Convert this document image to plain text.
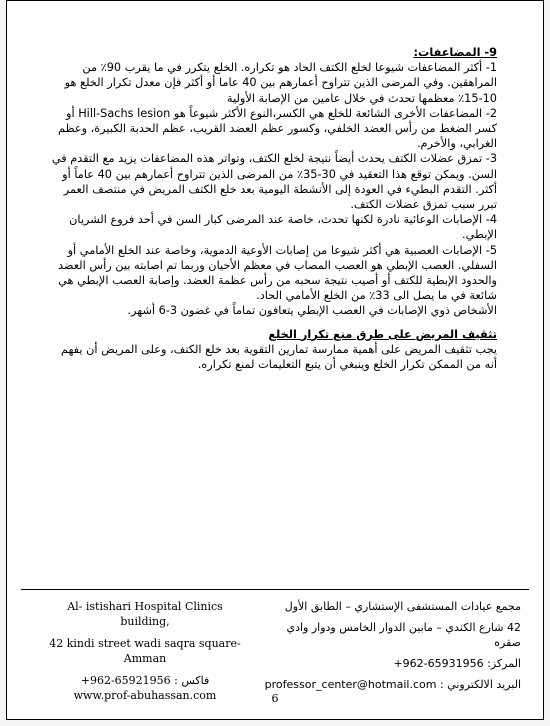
9- المضاعفات:

1- أكثر المضاعفات شيوعا لخلع الكتف الحاد هو تكراره. الخلع يتكرر في ما يقرب 90٪ من المراهقين. وفي المرضى الذين تتراوح أعمارهم بين 40 عاما أو أكثر فإن معدل تكرار الخلع هو 10-15٪ معظمها تحدث في خلال عامين من الإصابة الأولية

2- المضاعفات الأخرى الشائعة للخلع هي الكسر،النوع الأكثر شيوعاً هو Hill-Sachs lesion أو كسر الضغط من رأس العضد الخلفي، وكسور عظم العضد القريب، عظم الحدبة الكبيرة، وعظم الغرابي، والأخرم.

3- تمزق عضلات الكتف يحدث أيضاً نتيجة لخلع الكتف، وتواتر هذه المضاعفات يزيد مع التقدم في السن. ويمكن توقع هذا التعقيد في 30-35٪ من المرضى الذين تتراوح أعمارهم بين 40 عاماً أو أكثر. التقدم البطيء في العودة إلى الأنشطة اليومية بعد خلع الكتف المريض في منتصف العمر تبرر سبب تمزق عضلات الكتف.

4- الإصابات الوعائية نادرة لكنها تحدث، خاصة عند المرضى كبار السن في أحد فروع الشريان الإبطي.

5- الإصابات العصبية هي أكثر شيوعا من إصابات الأوعية الدموية، وخاصة عند الخلع الأمامي أو السفلي. العصب الإبطي هو العصب المصاب في معظم الأحيان وربما تم اصابته بين رأس العضد والحدود الإبطية للكتف أو أصيب نتيجة سحبه من رأس عظمة العضد. وإصابة العصب الإبطي هي شائعة في ما يصل الى 33٪ من الخلع الأمامي الحاد.

الأشخاص ذوي الإصابات في العصب الإبطي يتعافون تماماً في غضون 3-6 أشهر.

تثقيف المريض على طرق منع تكرار الخلع

يجب تثقيف المريض على أهمية ممارسة تمارين التقوية بعد خلع الكتف، وعلى المريض أن يفهم أنه من الممكن تكرار الخلع وينبغي أن يتبع التعليمات لمنع تكراره.

Al- istishari Hospital Clinics building,
42 kindi street wadi saqra square-Amman
فاكس : 65921956-962+
www.prof-abuhassan.com
مجمع عيادات المستشفى الإستشاري – الطابق الأول
42 شارع الكندي – مابين الدوار الخامس ودوار وادي صقره
المركز: 65931956-962+
البريد الالكتروني : professor_center@hotmail.com
6
